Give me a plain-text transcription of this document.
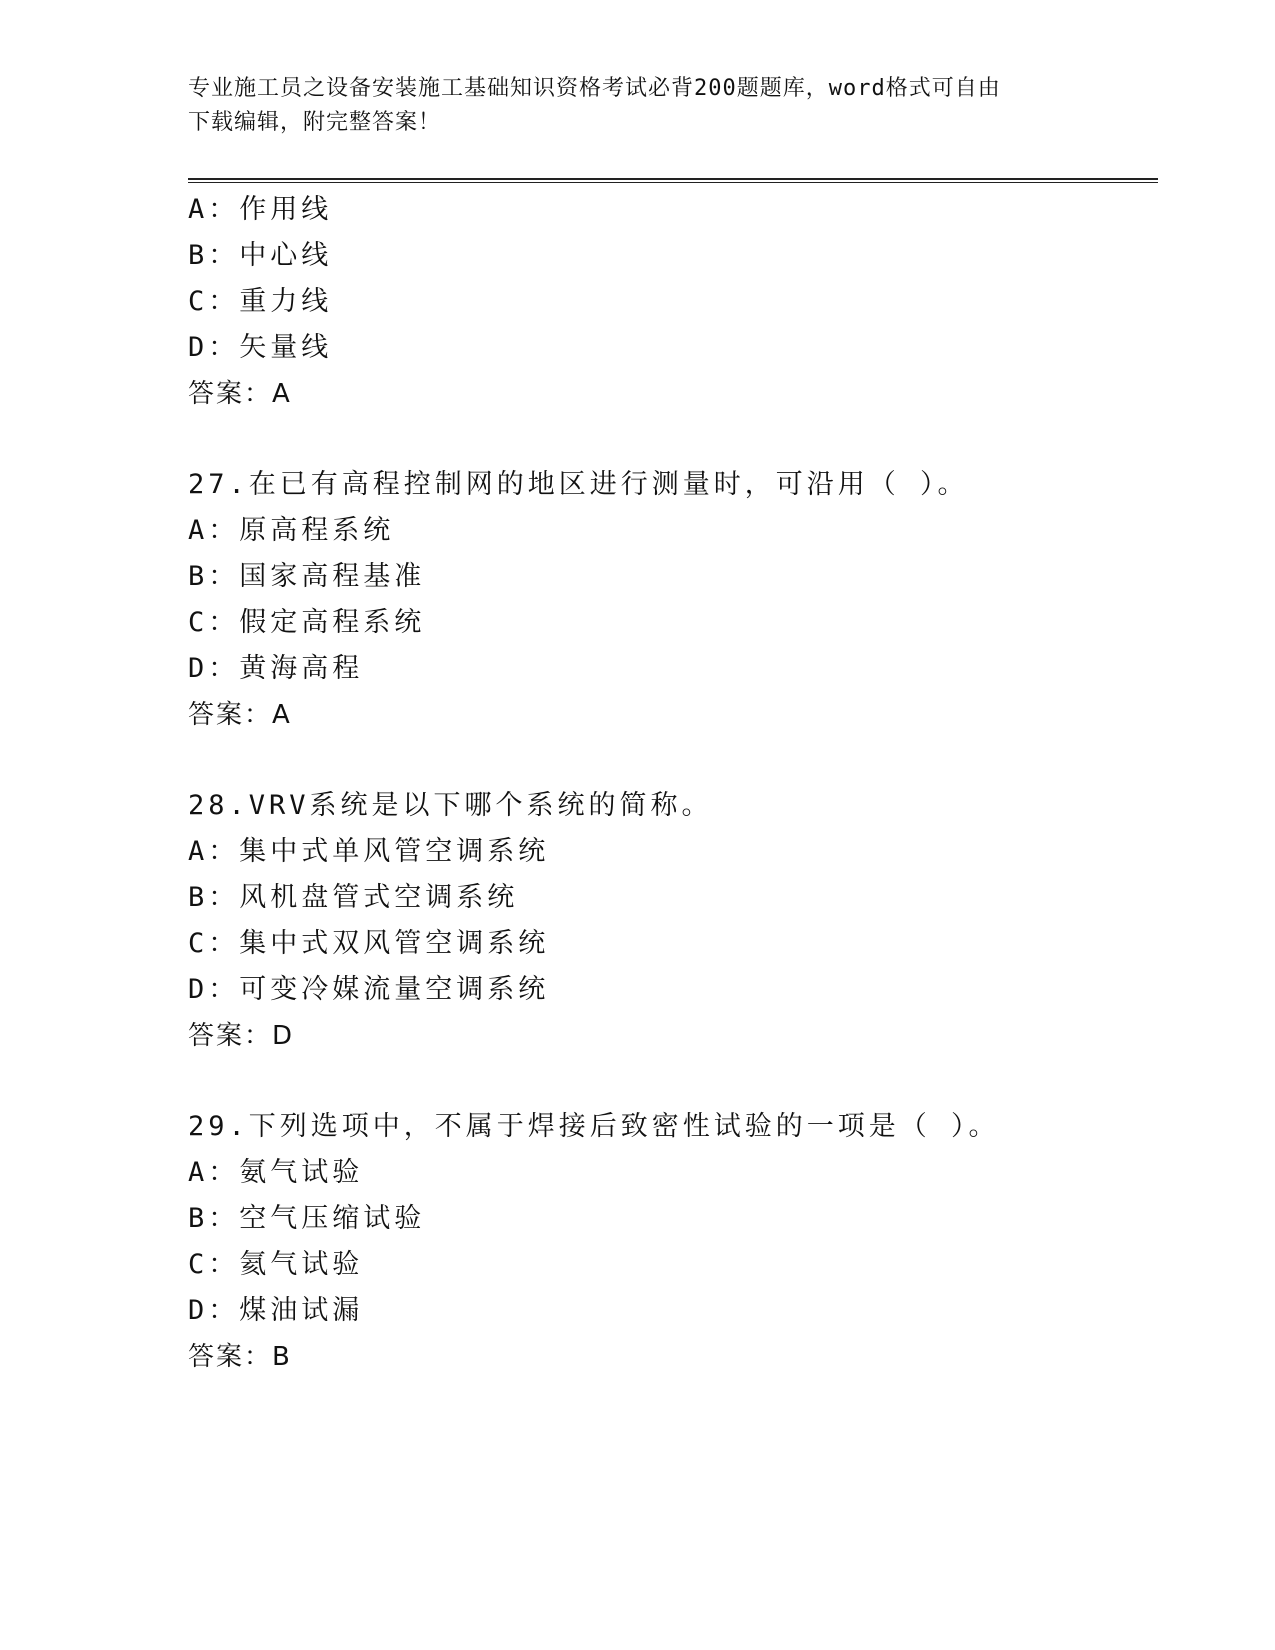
专业施工员之设备安装施工基础知识资格考试必背200题题库，word格式可自由
下载编辑，附完整答案！
A：作用线
B：中心线
C：重力线
D：矢量线
答案：A
27.在已有高程控制网的地区进行测量时，可沿用（ ）。
A：原高程系统
B：国家高程基准
C：假定高程系统
D：黄海高程
答案：A
28.VRV系统是以下哪个系统的简称。
A：集中式单风管空调系统
B：风机盘管式空调系统
C：集中式双风管空调系统
D：可变冷媒流量空调系统
答案：D
29.下列选项中，不属于焊接后致密性试验的一项是（ ）。
A：氨气试验
B：空气压缩试验
C：氦气试验
D：煤油试漏
答案：B
